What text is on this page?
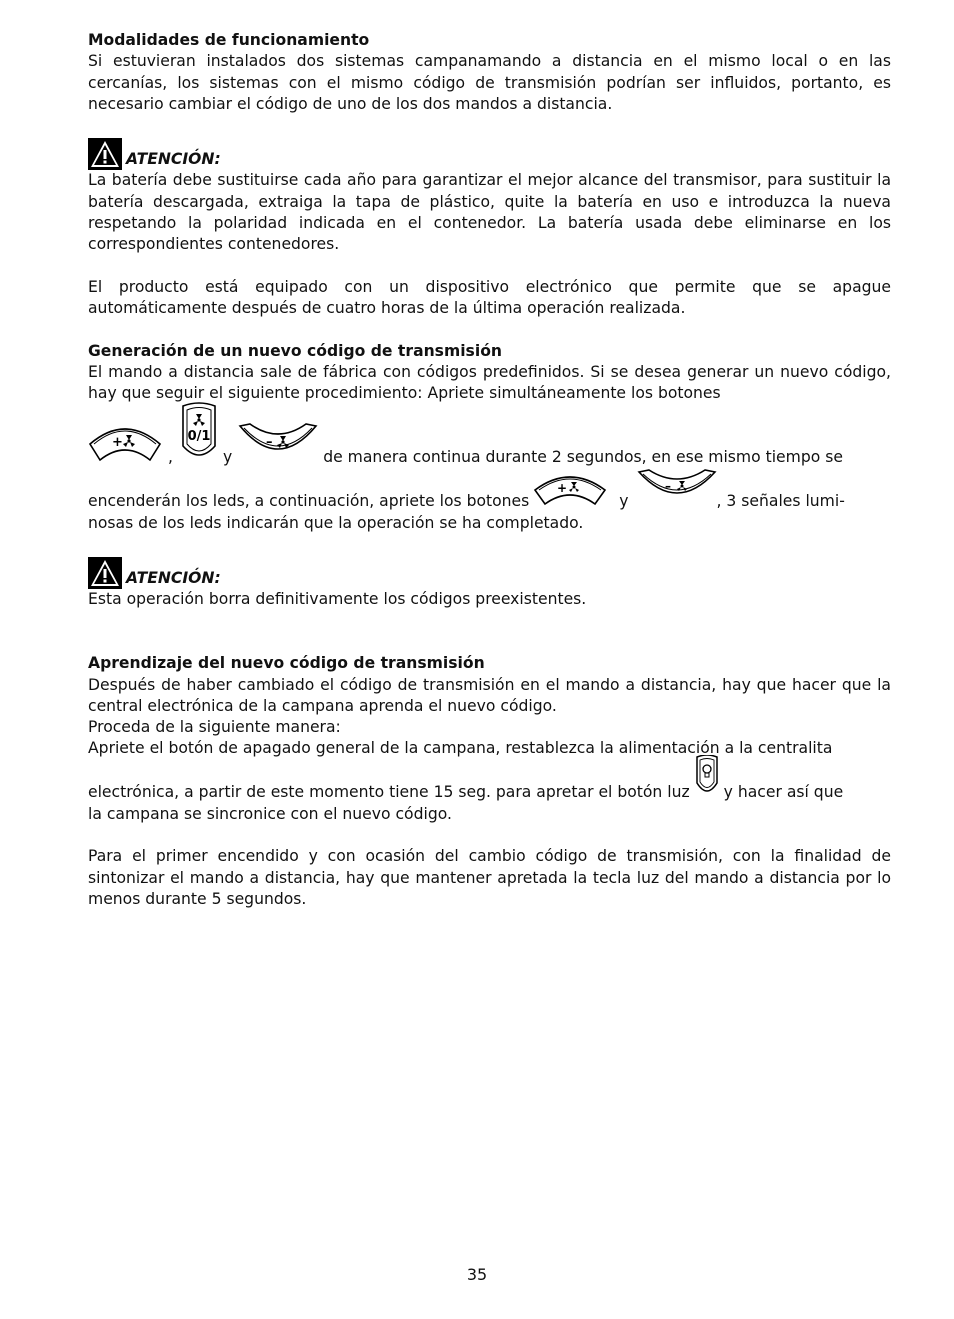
Modalidades de funcionamiento

Si estuvieran instalados dos sistemas campanamando a distancia en el mismo local o en las cercanías, los sistemas con el mismo código de transmisión podrían ser influidos, portanto, es necesario cambiar el código de uno de los dos mandos a distancia.

ATENCIÓN:

La batería debe sustituirse cada año para garantizar el mejor alcance del transmisor, para sustituir la batería descargada, extraiga la tapa de plástico, quite la batería en uso e introduzca la nueva respetando la polaridad indicada en el contenedor. La batería usada debe eliminarse en los correspondientes contenedores.

El producto está equipado con un dispositivo electrónico que permite que se apague automáticamente después de cuatro horas de la última operación realizada.

Generación de un nuevo código de transmisión

El mando a distancia sale de fábrica con códigos predefinidos. Si se desea generar un nuevo código, hay que seguir el siguiente procedimiento: Apriete simultáneamente los botones

+
,
0/1
y
–
de manera continua durante 2 segundos, en ese mismo tiempo se
encenderán los leds, a continuación, apriete los botones
+
y
–
, 3 señales lumi-

nosas de los leds indicarán que la operación se ha completado.

ATENCIÓN:

Esta operación borra definitivamente los códigos preexistentes.

Aprendizaje del nuevo código de transmisión

Después de haber cambiado el código de transmisión en el mando a distancia, hay que hacer que la central electrónica de la campana aprenda el nuevo código.

Proceda de la siguiente manera:

Apriete el botón de apagado general de la campana, restablezca la alimentación a la centralita

electrónica, a partir de este momento tiene 15 seg. para apretar el botón luz y hacer así que

la campana se sincronice con el nuevo código.

Para el primer encendido y con ocasión del cambio código de transmisión, con la finalidad de sintonizar el mando a distancia, hay que mantener apretada la tecla luz del mando a distancia por lo menos durante 5 segundos.

35
